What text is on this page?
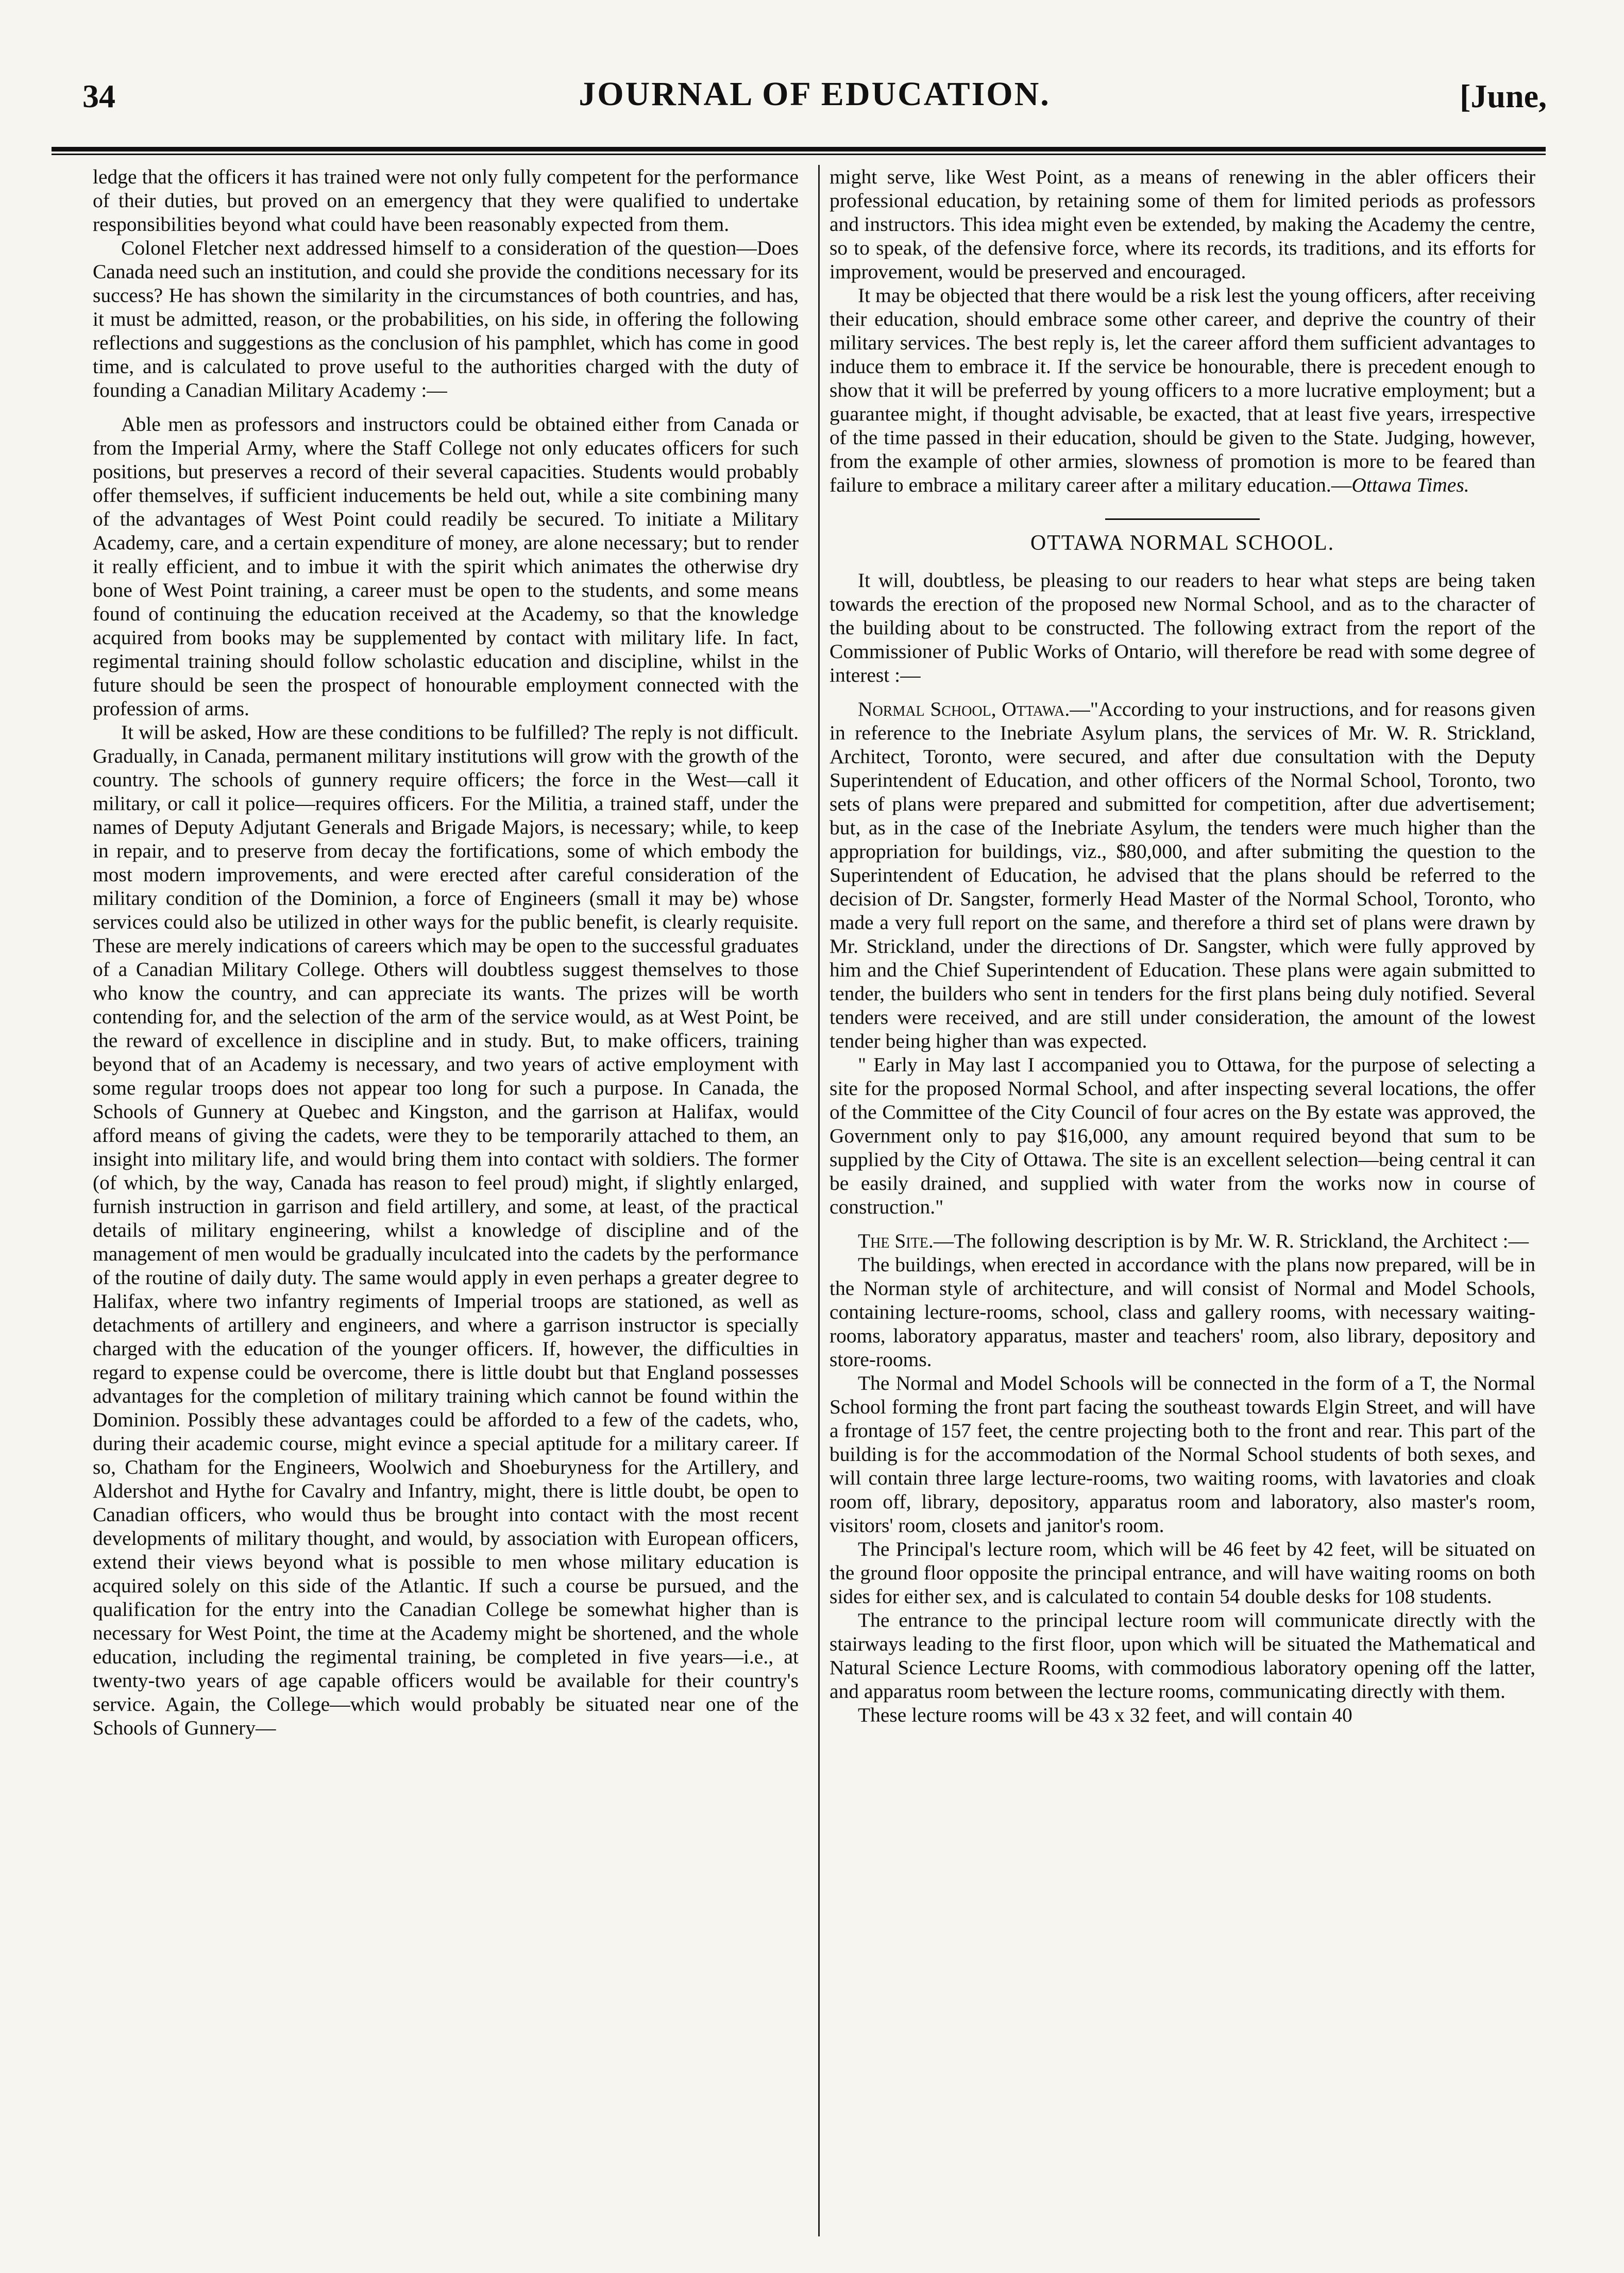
34	JOURNAL OF EDUCATION.	[June,

ledge that the officers it has trained were not only fully competent for the performance of their duties, but proved on an emergency that they were qualified to undertake responsibilities beyond what could have been reasonably expected from them.

Colonel Fletcher next addressed himself to a consideration of the question—Does Canada need such an institution, and could she provide the conditions necessary for its success? He has shown the similarity in the circumstances of both countries, and has, it must be admitted, reason, or the probabilities, on his side, in offering the following reflections and suggestions as the conclusion of his pamphlet, which has come in good time, and is calculated to prove useful to the authorities charged with the duty of founding a Canadian Military Academy :—

Able men as professors and instructors could be obtained either from Canada or from the Imperial Army, where the Staff College not only educates officers for such positions, but preserves a record of their several capacities. Students would probably offer themselves, if sufficient inducements be held out, while a site combining many of the advantages of West Point could readily be secured. To initiate a Military Academy, care, and a certain expenditure of money, are alone necessary; but to render it really efficient, and to imbue it with the spirit which animates the otherwise dry bone of West Point training, a career must be open to the students, and some means found of continuing the education received at the Academy, so that the knowledge acquired from books may be supplemented by contact with military life. In fact, regimental training should follow scholastic education and discipline, whilst in the future should be seen the prospect of honourable employment connected with the profession of arms.

It will be asked, How are these conditions to be fulfilled? The reply is not difficult. Gradually, in Canada, permanent military institutions will grow with the growth of the country. The schools of gunnery require officers; the force in the West—call it military, or call it police—requires officers. For the Militia, a trained staff, under the names of Deputy Adjutant Generals and Brigade Majors, is necessary; while, to keep in repair, and to preserve from decay the fortifications, some of which embody the most modern improvements, and were erected after careful consideration of the military condition of the Dominion, a force of Engineers (small it may be) whose services could also be utilized in other ways for the public benefit, is clearly requisite. These are merely indications of careers which may be open to the successful graduates of a Canadian Military College. Others will doubtless suggest themselves to those who know the country, and can appreciate its wants. The prizes will be worth contending for, and the selection of the arm of the service would, as at West Point, be the reward of excellence in discipline and in study. But, to make officers, training beyond that of an Academy is necessary, and two years of active employment with some regular troops does not appear too long for such a purpose. In Canada, the Schools of Gunnery at Quebec and Kingston, and the garrison at Halifax, would afford means of giving the cadets, were they to be temporarily attached to them, an insight into military life, and would bring them into contact with soldiers. The former (of which, by the way, Canada has reason to feel proud) might, if slightly enlarged, furnish instruction in garrison and field artillery, and some, at least, of the practical details of military engineering, whilst a knowledge of discipline and of the management of men would be gradually inculcated into the cadets by the performance of the routine of daily duty. The same would apply in even perhaps a greater degree to Halifax, where two infantry regiments of Imperial troops are stationed, as well as detachments of artillery and engineers, and where a garrison instructor is specially charged with the education of the younger officers. If, however, the difficulties in regard to expense could be overcome, there is little doubt but that England possesses advantages for the completion of military training which cannot be found within the Dominion. Possibly these advantages could be afforded to a few of the cadets, who, during their academic course, might evince a special aptitude for a military career. If so, Chatham for the Engineers, Woolwich and Shoeburyness for the Artillery, and Aldershot and Hythe for Cavalry and Infantry, might, there is little doubt, be open to Canadian officers, who would thus be brought into contact with the most recent developments of military thought, and would, by association with European officers, extend their views beyond what is possible to men whose military education is acquired solely on this side of the Atlantic. If such a course be pursued, and the qualification for the entry into the Canadian College be somewhat higher than is necessary for West Point, the time at the Academy might be shortened, and the whole education, including the regimental training, be completed in five years—i.e., at twenty-two years of age capable officers would be available for their country's service. Again, the College—which would probably be situated near one of the Schools of Gunnery—

might serve, like West Point, as a means of renewing in the abler officers their professional education, by retaining some of them for limited periods as professors and instructors. This idea might even be extended, by making the Academy the centre, so to speak, of the defensive force, where its records, its traditions, and its efforts for improvement, would be preserved and encouraged.

It may be objected that there would be a risk lest the young officers, after receiving their education, should embrace some other career, and deprive the country of their military services. The best reply is, let the career afford them sufficient advantages to induce them to embrace it. If the service be honourable, there is precedent enough to show that it will be preferred by young officers to a more lucrative employment; but a guarantee might, if thought advisable, be exacted, that at least five years, irrespective of the time passed in their education, should be given to the State. Judging, however, from the example of other armies, slowness of promotion is more to be feared than failure to embrace a military career after a military education.—Ottawa Times.

OTTAWA NORMAL SCHOOL.

It will, doubtless, be pleasing to our readers to hear what steps are being taken towards the erection of the proposed new Normal School, and as to the character of the building about to be constructed. The following extract from the report of the Commissioner of Public Works of Ontario, will therefore be read with some degree of interest :—

Normal School, Ottawa.—"According to your instructions, and for reasons given in reference to the Inebriate Asylum plans, the services of Mr. W. R. Strickland, Architect, Toronto, were secured, and after due consultation with the Deputy Superintendent of Education, and other officers of the Normal School, Toronto, two sets of plans were prepared and submitted for competition, after due advertisement; but, as in the case of the Inebriate Asylum, the tenders were much higher than the appropriation for buildings, viz., $80,000, and after submiting the question to the Superintendent of Education, he advised that the plans should be referred to the decision of Dr. Sangster, formerly Head Master of the Normal School, Toronto, who made a very full report on the same, and therefore a third set of plans were drawn by Mr. Strickland, under the directions of Dr. Sangster, which were fully approved by him and the Chief Superintendent of Education. These plans were again submitted to tender, the builders who sent in tenders for the first plans being duly notified. Several tenders were received, and are still under consideration, the amount of the lowest tender being higher than was expected.

" Early in May last I accompanied you to Ottawa, for the purpose of selecting a site for the proposed Normal School, and after inspecting several locations, the offer of the Committee of the City Council of four acres on the By estate was approved, the Government only to pay $16,000, any amount required beyond that sum to be supplied by the City of Ottawa. The site is an excellent selection—being central it can be easily drained, and supplied with water from the works now in course of construction."

The Site.—The following description is by Mr. W. R. Strickland, the Architect :—

The buildings, when erected in accordance with the plans now prepared, will be in the Norman style of architecture, and will consist of Normal and Model Schools, containing lecture-rooms, school, class and gallery rooms, with necessary waiting-rooms, laboratory apparatus, master and teachers' room, also library, depository and store-rooms.

The Normal and Model Schools will be connected in the form of a T, the Normal School forming the front part facing the southeast towards Elgin Street, and will have a frontage of 157 feet, the centre projecting both to the front and rear. This part of the building is for the accommodation of the Normal School students of both sexes, and will contain three large lecture-rooms, two waiting rooms, with lavatories and cloak room off, library, depository, apparatus room and laboratory, also master's room, visitors' room, closets and janitor's room.

The Principal's lecture room, which will be 46 feet by 42 feet, will be situated on the ground floor opposite the principal entrance, and will have waiting rooms on both sides for either sex, and is calculated to contain 54 double desks for 108 students.

The entrance to the principal lecture room will communicate directly with the stairways leading to the first floor, upon which will be situated the Mathematical and Natural Science Lecture Rooms, with commodious laboratory opening off the latter, and apparatus room between the lecture rooms, communicating directly with them.

These lecture rooms will be 43 x 32 feet, and will contain 40
